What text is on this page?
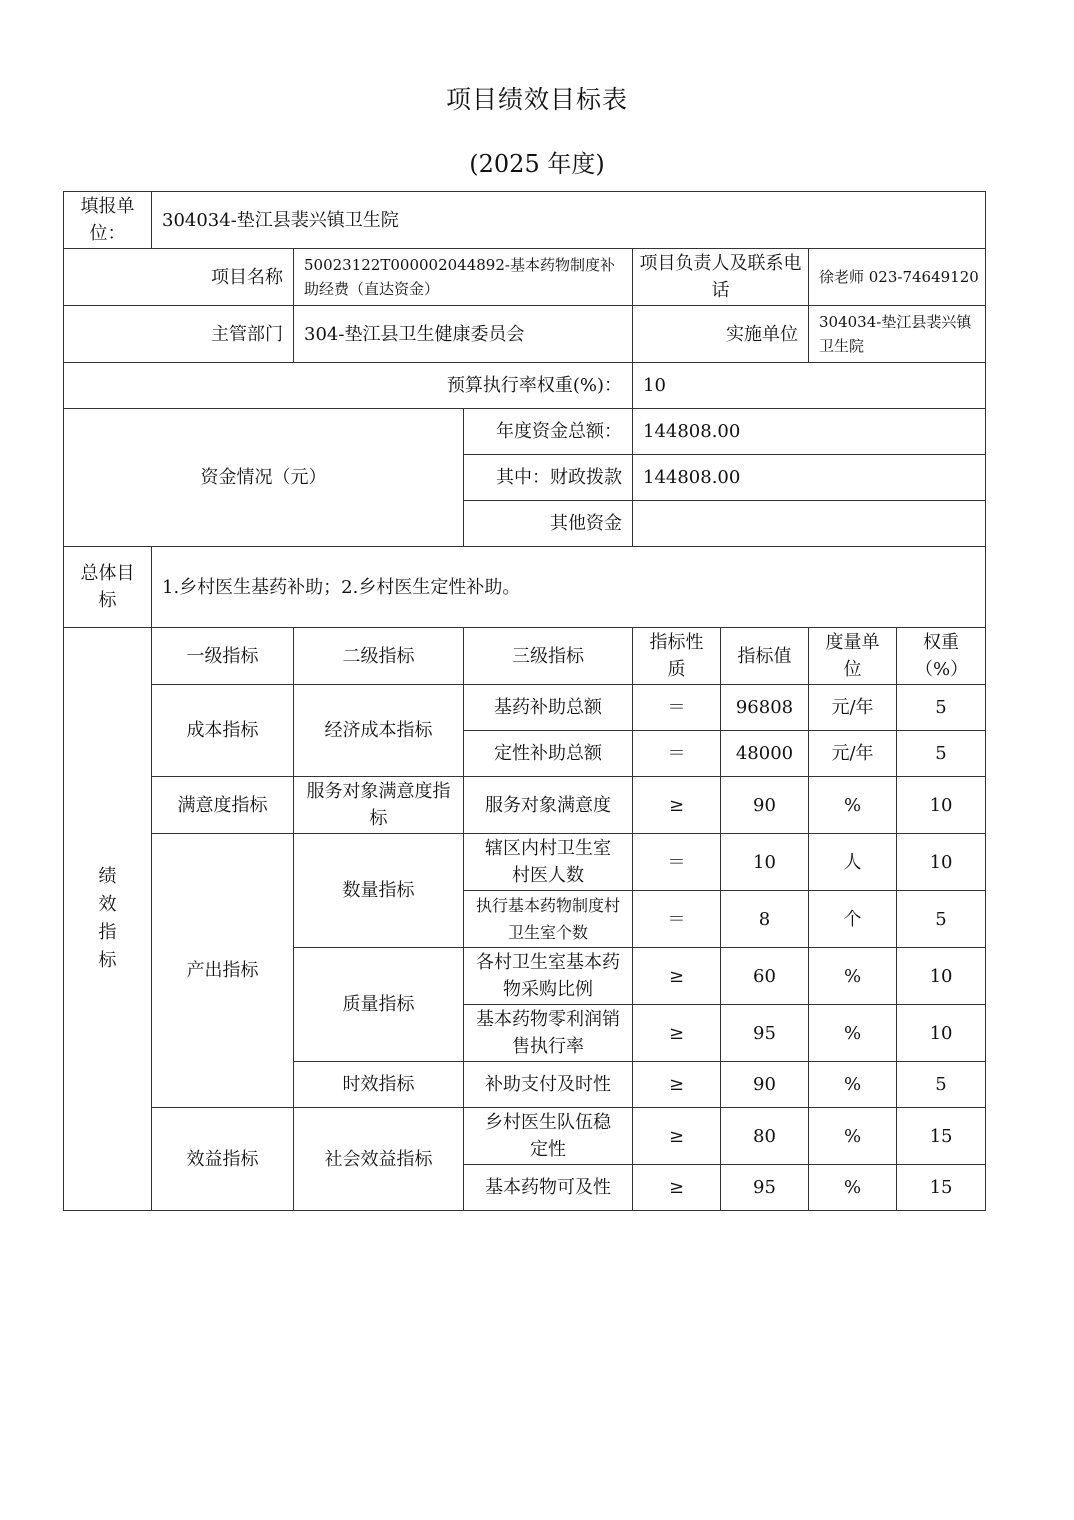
项目绩效目标表
(2025 年度)
填报单位：	304034-垫江县裴兴镇卫生院						
项目名称		50023122T000002044892-基本药物制度补助经费（直达资金）		项目负责人及联系电话		徐老师 023-74649120	
主管部门		304-垫江县卫生健康委员会		实施单位		304034-垫江县裴兴镇卫生院	
预算执行率权重(%)：				10			
资金情况（元）			年度资金总额：	144808.00			
			其中：财政拨款	144808.00			
			其他资金				
总体目标	1.乡村医生基药补助；2.乡村医生定性补助。						
绩效指标	一级指标	二级指标	三级指标	指标性质	指标值	度量单位	权重（%）
	成本指标	经济成本指标	基药补助总额	＝	96808	元/年	5
			定性补助总额	＝	48000	元/年	5
	满意度指标	服务对象满意度指标	服务对象满意度	≥	90	%	10
	产出指标	数量指标	辖区内村卫生室村医人数	＝	10	人	10
			执行基本药物制度村卫生室个数	＝	8	个	5
		质量指标	各村卫生室基本药物采购比例	≥	60	%	10
			基本药物零利润销售执行率	≥	95	%	10
		时效指标	补助支付及时性	≥	90	%	5
	效益指标	社会效益指标	乡村医生队伍稳定性	≥	80	%	15
			基本药物可及性	≥	95	%	15
